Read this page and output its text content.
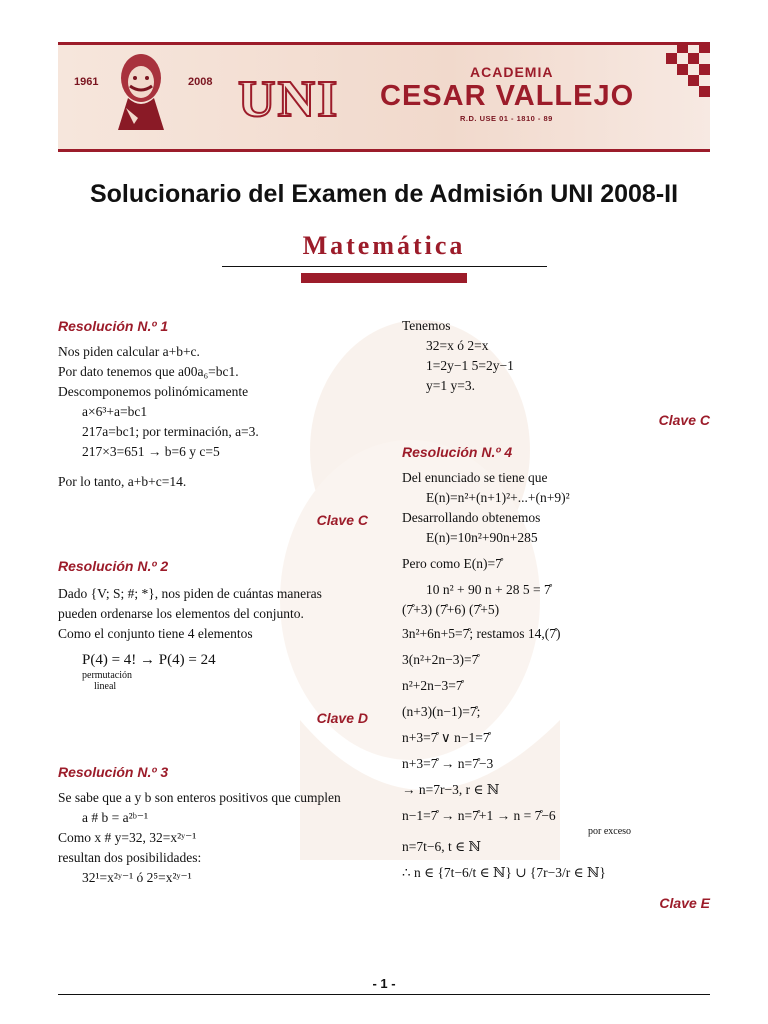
1961	2008 UNI	ACADEMIA
CESAR VALLEJO
R.D. USE 01 - 1810 - 89
Solucionario del Examen de Admisión UNI 2008-II
Matemática

Resolución N.º 1

Nos piden calcular a+b+c.

Por dato tenemos que a00a₆=bc1.

Descomponemos polinómicamente

a×6³+a=bc1

217a=bc1; por terminación, a=3.

217×3=651 → b=6 y c=5

Por lo tanto, a+b+c=14.

Clave C

Resolución N.º 2

Dado {V; S; #; *}, nos piden de cuántas maneras

pueden ordenarse los elementos del conjunto.

Como el conjunto tiene 4 elementos

P(4) = 4! → P(4) = 24

permutación

lineal

Clave D

Resolución N.º 3

Se sabe que a y b son enteros positivos que cumplen

a # b = a²ᵇ⁻¹

Como x # y=32, 32=x²ʸ⁻¹

resultan dos posibilidades:

32¹=x²ʸ⁻¹ ó 2⁵=x²ʸ⁻¹

Tenemos

32=x ó 2=x

1=2y−1 5=2y−1

y=1 y=3.

Clave C

Resolución N.º 4

Del enunciado se tiene que

E(n)=n²+(n+1)²+...+(n+9)²

Desarrollando obtenemos

E(n)=10n²+90n+285

Pero como E(n)=7̊

10 n² + 90 n + 28 5 = 7̊

(7̊+3) (7̊+6) (7̊+5)

3n²+6n+5=7̊; restamos 14,(7̊)

3(n²+2n−3)=7̊

n²+2n−3=7̊

(n+3)(n−1)=7̊;

n+3=7̊ ∨ n−1=7̊

n+3=7̊ → n=7̊−3

→ n=7r−3, r ∈ ℕ

n−1=7̊ → n=7̊+1 → n = 7̊−6

por exceso

n=7t−6, t ∈ ℕ

∴ n ∈ {7t−6/t ∈ ℕ} ∪ {7r−3/r ∈ ℕ}

Clave E

- 1 -
